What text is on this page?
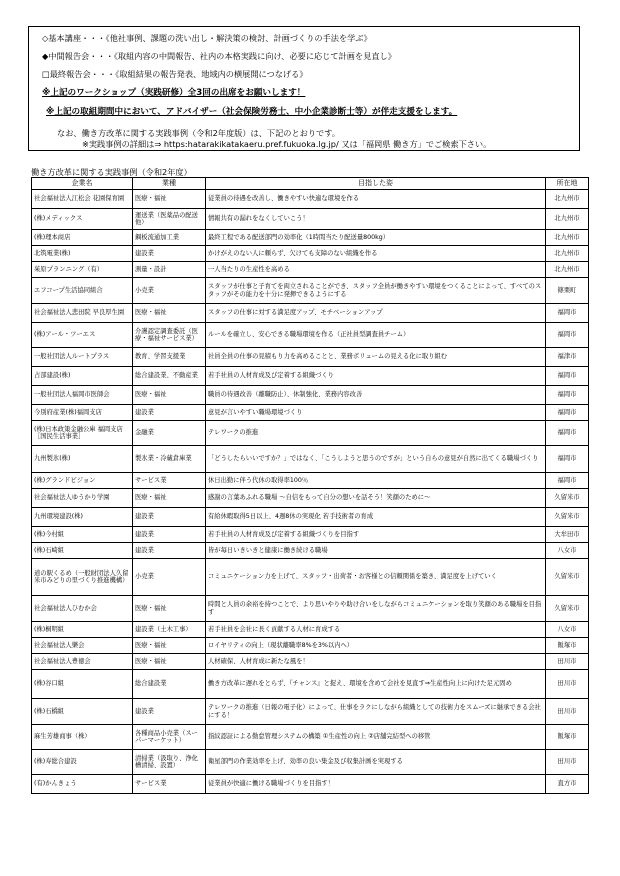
◇基本講座・・・《他社事例、課題の洗い出し・解決策の検討、計画づくりの手法を学ぶ》
◆中間報告会・・・《取組内容の中間報告、社内の本格実践に向け、必要に応じて計画を見直し》
□最終報告会・・・《取組結果の報告発表、地域内の横展開につなげる》
※上記のワークショップ（実践研修）全3回の出席をお願いします！
※上記の取組期間中において、アドバイザー（社会保険労務士、中小企業診断士等）が伴走支援をします。
なお、働き方改革に関する実践事例（令和2年度版）は、下記のとおりです。
※実践事例の詳細は⇒ https:hatarakikatakaeru.pref.fukuoka.lg.jp/ 又は「福岡県 働き方」でご検索下さい。
働き方改革に関する実践事例（令和2年度）
企業名	業種	目指した姿	所在地
社会福祉法人江松会 花園保育園	医療・福祉	従業員の待遇を改善し、働きやすい快適な環境を作る	北九州市
(株)メディックス	運送業（医薬品の配送他）	情報共有の漏れをなくしていこう！	北九州市
(株)理本商店	鋼板流通加工業	最終工程である配送部門の効率化（1時間当たり配送量800kg）	北九州市
北筑電業(株)	建設業	かけがえのない人に頼らず、欠けても支障のない組織を作る	北九州市
茱原プランニング（有）	測量・設計	一人当たりの生産性を高める	北九州市
エフコープ生活協同組合	小売業	スタッフが仕事と子育てを両立されることができ、スタッフ全員が働きやすい環境をつくることによって、すべてのスタッフがその能力を十分に発揮できるようにする	篠栗町
社会福祉法人悲田院 早良厚生園	医療・福祉	スタッフの仕事に対する満足度アップ、モチベーションアップ	福岡市
(株)アール・ツーエス	介護認定調査委託（医療・福祉サービス業）	ルールを確立し、安心できる職場環境を作る（正社員型調査員チーム）	福岡市
一般社団法人ルートプラス	教育、学習支援業	社員全員の仕事の見積もり力を高めることと、業務ボリュームの見える化に取り組む	福津市
占部建設(株)	総合建設業、不動産業	若手社員の人材育成及び定着する組織づくり	福岡市
一般社団法人福岡市医師会	医療・福祉	職員の待遇改善（離職防止）、休制強化、業務内容改善	福岡市
今別府産業(株)福岡支店	建設業	意見が言いやすい職場環境づくり	福岡市
(株)日本政策金融公庫 福岡支店［国民生活事業］	金融業	テレワークの推進	福岡市
九州製氷(株)	製氷業・冷蔵倉庫業	「どうしたらいいですか？」ではなく、「こうしようと思うのですが」という自らの意見が自然に出てくる職場づくり	福岡市
(株)グランドビジョン	サービス業	休日出勤に伴う代休の取得率100％	福岡市
社会福祉法人ゆうかり学園	医療・福祉	感謝の言葉あふれる職場 ～自信をもって自分の想いを話そう！笑顔のために～	久留米市
九州環境建設(株)	建設業	有給休暇取得5日以上、4週8休の実現化 若手技術者の育成	久留米市
(株)今村組	建設業	若手社員の人材育成及び定着する組織づくりを目指す	大牟田市
(株)石崎組	建設業	皆が毎日いきいきと健康に働き続ける職場	八女市
道の駅くるめ（一般財団法人久留米市みどりの里づくり推進機構）	小売業	コミュニケーション力を上げて、スタッフ・出荷者・お客様との信頼関係を築き、満足度を上げていく	久留米市
社会福祉法人ひむか会	医療・福祉	時間と人員の余裕を持つことで、より思いやりや助け合いをしながらコミュニケーションを取り笑顔のある職場を目指す	久留米市
(株)桐明組	建設業（土木工事）	若手社員を会社に長く貢献する人材に育成する	八女市
社会福祉法人樂会	医療・福祉	ロイヤリティの向上（現状離職率8%を3%以内へ）	飯塚市
社会福祉法人豊徳会	医療・福祉	人材確保、人材育成に新たな風を！	田川市
(株)谷口組	総合建設業	働き方改革に遅れをとらず、『チャンス』と捉え、環境を含めて会社を見直す⇒生産性向上に向けた足元固め	田川市
(株)石橋組	建設業	テレワークの推進（日報の電子化）によって、仕事をラクにしながら組織としての技術力をスムーズに継承できる会社にする！	田川市
麻生芳雄商事（株）	各種商品小売業（スーパーマーケット）	指紋認証による勤怠管理システムの構築 ①生産性の向上 ②店舗完結型への移管	飯塚市
(株)寿総合建設	清掃業（汲取り、浄化槽清掃、設置）	衛星部門の作業効率を上げ、効率の良い集金及び収集計画を実現する	田川市
(有)かんきょう	サービス業	従業員が快適に働ける職場づくりを目指す！	直方市
